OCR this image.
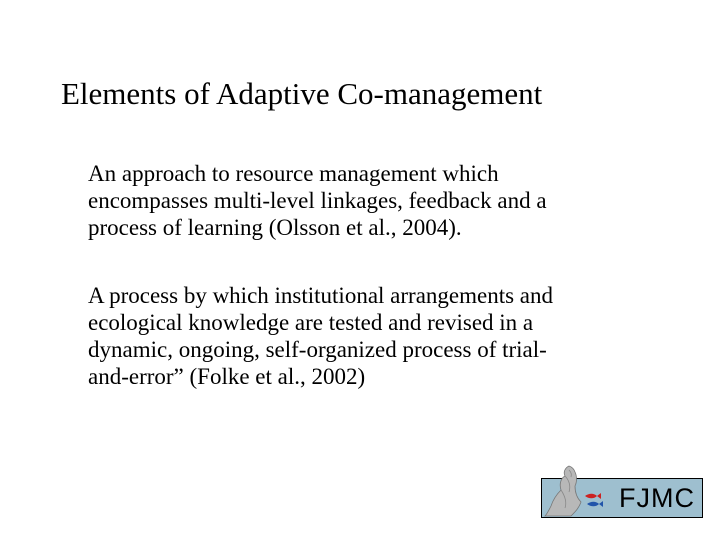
Elements of Adaptive Co-management

An approach to resource management which
encompasses multi-level linkages, feedback and a
process of learning (Olsson et al., 2004).

A process by which institutional arrangements and
ecological knowledge are tested and revised in a
dynamic, ongoing, self-organized process of trial-
and-error” (Folke et al., 2002)

FJMC
